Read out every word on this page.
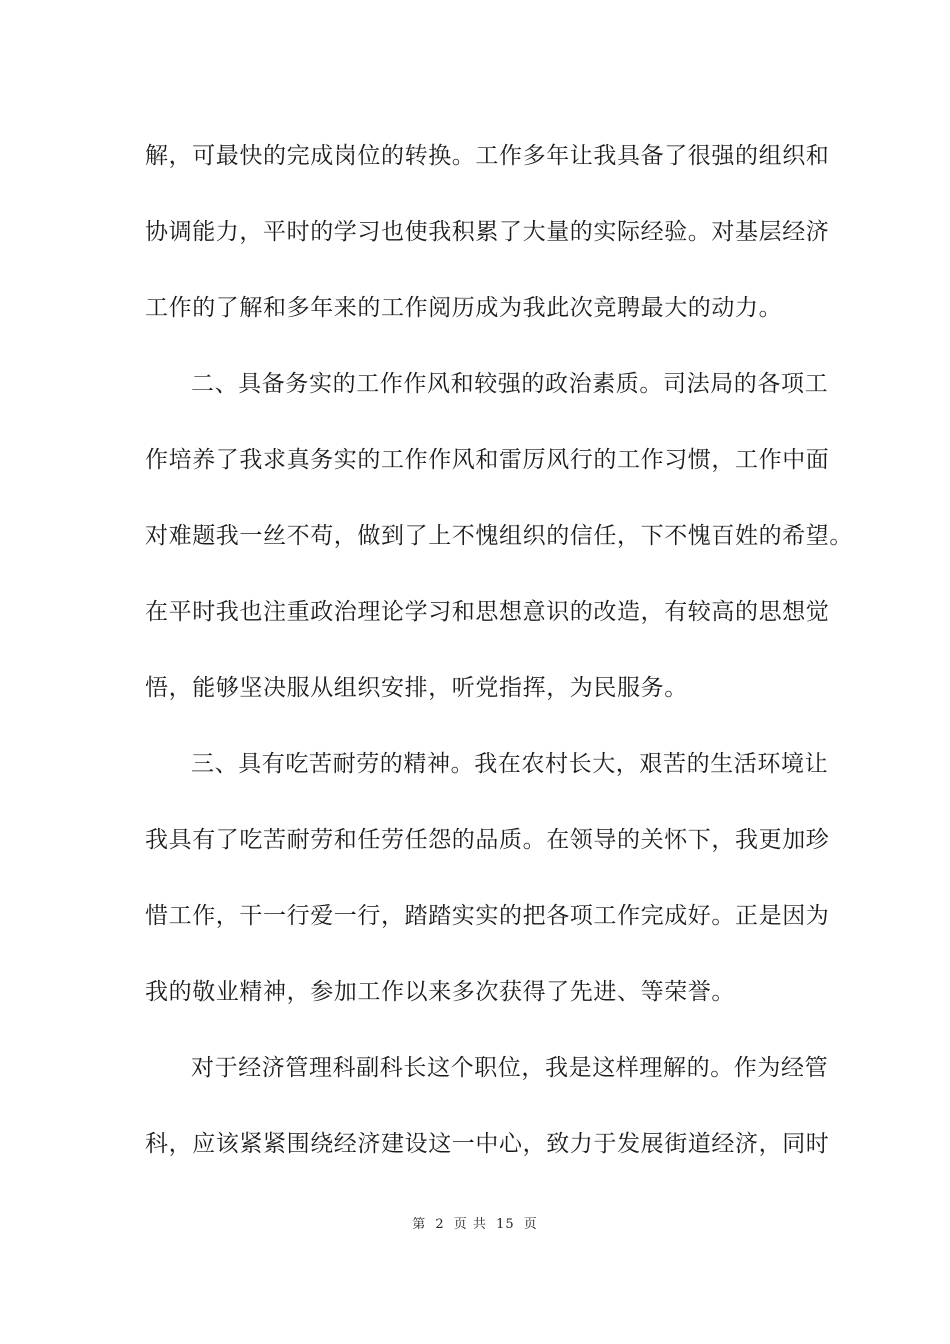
解，可最快的完成岗位的转换。工作多年让我具备了很强的组织和
协调能力，平时的学习也使我积累了大量的实际经验。对基层经济
工作的了解和多年来的工作阅历成为我此次竞聘最大的动力。
二、具备务实的工作作风和较强的政治素质。司法局的各项工
作培养了我求真务实的工作作风和雷厉风行的工作习惯，工作中面
对难题我一丝不苟，做到了上不愧组织的信任，下不愧百姓的希望。
在平时我也注重政治理论学习和思想意识的改造，有较高的思想觉
悟，能够坚决服从组织安排，听党指挥，为民服务。
三、具有吃苦耐劳的精神。我在农村长大，艰苦的生活环境让
我具有了吃苦耐劳和任劳任怨的品质。在领导的关怀下，我更加珍
惜工作，干一行爱一行，踏踏实实的把各项工作完成好。正是因为
我的敬业精神，参加工作以来多次获得了先进、等荣誉。
对于经济管理科副科长这个职位，我是这样理解的。作为经管
科，应该紧紧围绕经济建设这一中心，致力于发展街道经济，同时
第 2 页 共 15 页
